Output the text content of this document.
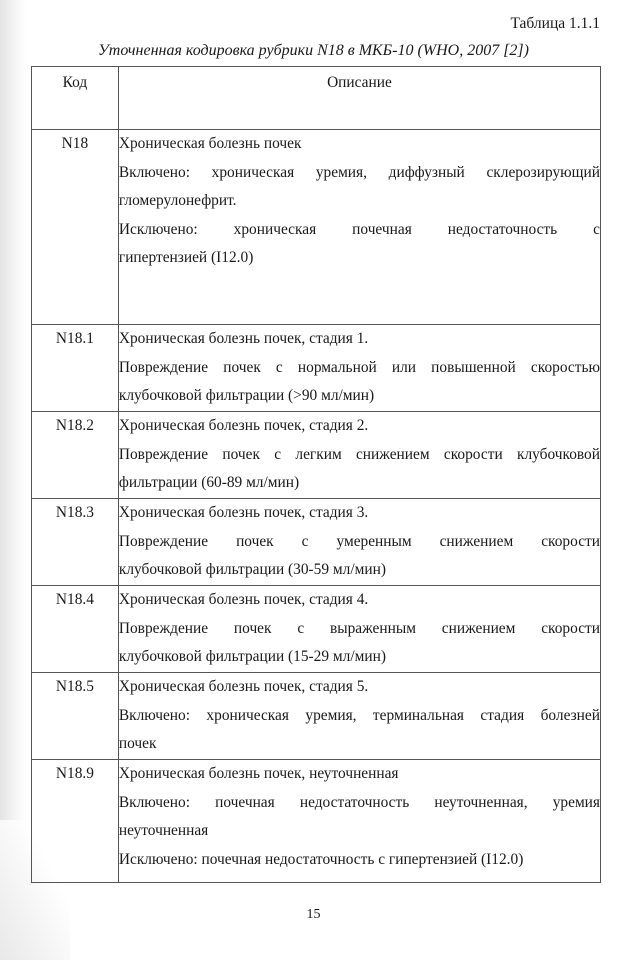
Таблица 1.1.1
Уточненная кодировка рубрики N18 в МКБ-10 (WHO, 2007 [2])
Код	Описание
N18	Хроническая болезнь почек
Включено: хроническая уремия, диффузный склерозирующий
гломерулонефрит.
Исключено: хроническая почечная недостаточность с
гипертензией (I12.0)

N18.1	Хроническая болезнь почек, стадия 1.
Повреждение почек с нормальной или повышенной скоростью
клубочковой фильтрации (>90 мл/мин)

N18.2	Хроническая болезнь почек, стадия 2.
Повреждение почек с легким снижением скорости клубочковой
фильтрации (60-89 мл/мин)

N18.3	Хроническая болезнь почек, стадия 3.
Повреждение почек с умеренным снижением скорости
клубочковой фильтрации (30-59 мл/мин)

N18.4	Хроническая болезнь почек, стадия 4.
Повреждение почек с выраженным снижением скорости
клубочковой фильтрации (15-29 мл/мин)

N18.5	Хроническая болезнь почек, стадия 5.
Включено: хроническая уремия, терминальная стадия болезней
почек

N18.9	Хроническая болезнь почек, неуточненная
Включено: почечная недостаточность неуточненная, уремия
неуточненная
Исключено: почечная недостаточность с гипертензией (I12.0)
15
